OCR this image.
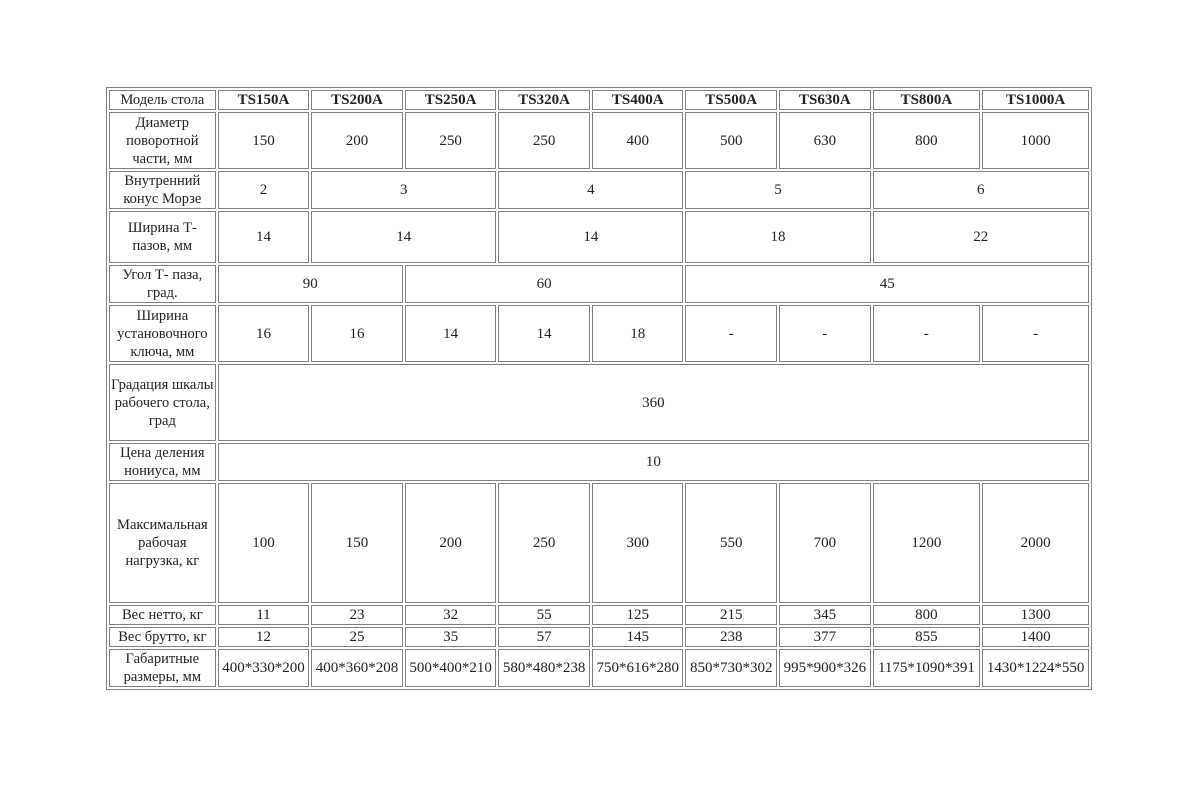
Модель стола	TS150A	TS200A	TS250A	TS320A	TS400A	TS500A	TS630A	TS800A	TS1000A
Диаметр поворотной части, мм	150	200	250	250	400	500	630	800	1000
Внутренний конус Морзе	2	3		4		5		6	
Ширина Т-пазов, мм	14	14		14		18		22	
Угол Т- паза, град.	90		60			45			
Ширина установочного ключа, мм	16	16	14	14	18	-	-	-	-
Градация шкалы рабочего стола, град	360								
Цена деления нониуса, мм	10								
Максимальная рабочая нагрузка, кг	100	150	200	250	300	550	700	1200	2000
Вес нетто, кг	11	23	32	55	125	215	345	800	1300
Вес брутто, кг	12	25	35	57	145	238	377	855	1400
Габаритные размеры, мм	400*330*200	400*360*208	500*400*210	580*480*238	750*616*280	850*730*302	995*900*326	1175*1090*391	1430*1224*550
